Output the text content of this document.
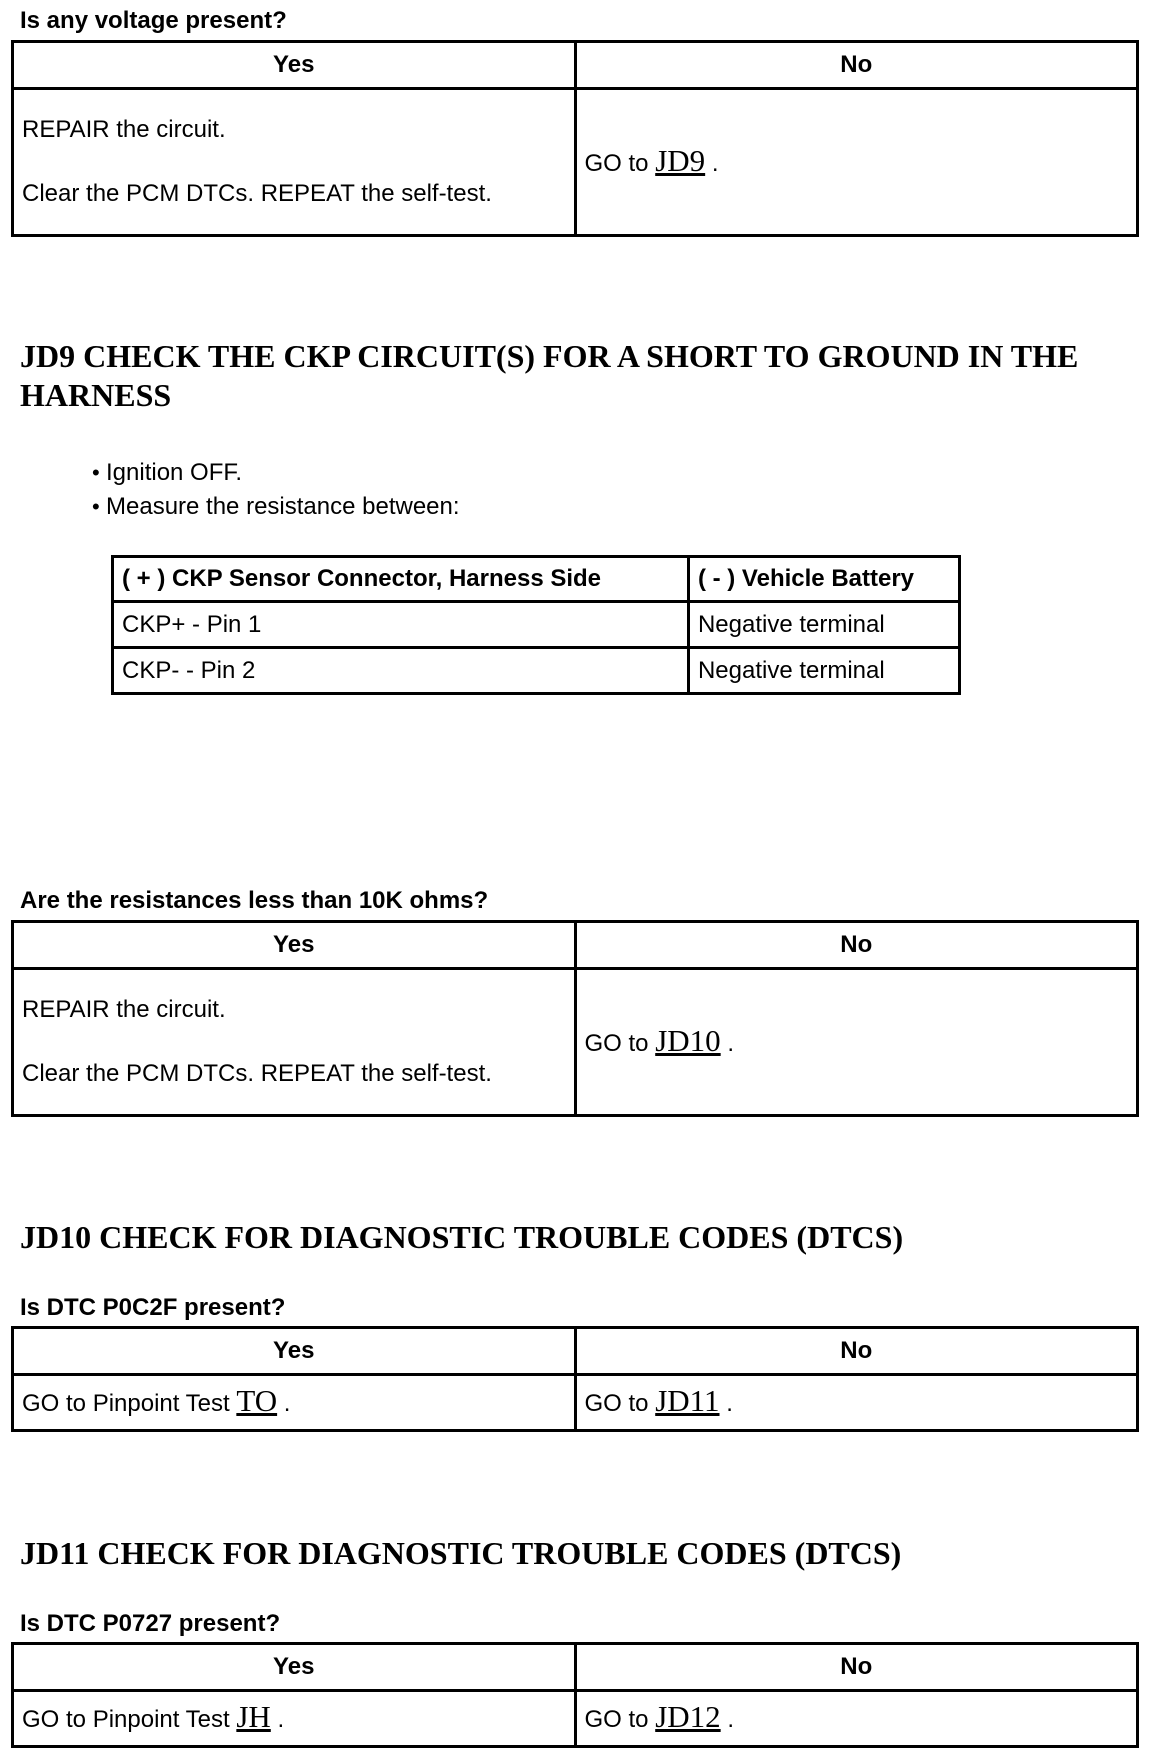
Is any voltage present?
Yes	No

REPAIR the circuit.

Clear the PCM DTCs. REPEAT the self-test.	GO to JD9 .
JD9 CHECK THE CKP CIRCUIT(S) FOR A SHORT TO GROUND IN THE HARNESS
• Ignition OFF.
• Measure the resistance between:
( + ) CKP Sensor Connector, Harness Side	( - ) Vehicle Battery
CKP+ - Pin 1	Negative terminal
CKP- - Pin 2	Negative terminal
Are the resistances less than 10K ohms?
Yes	No

REPAIR the circuit.

Clear the PCM DTCs. REPEAT the self-test.	GO to JD10 .
JD10 CHECK FOR DIAGNOSTIC TROUBLE CODES (DTCS)
Is DTC P0C2F present?
Yes	No
GO to Pinpoint Test TO .	GO to JD11 .
JD11 CHECK FOR DIAGNOSTIC TROUBLE CODES (DTCS)
Is DTC P0727 present?
Yes	No
GO to Pinpoint Test JH .	GO to JD12 .
